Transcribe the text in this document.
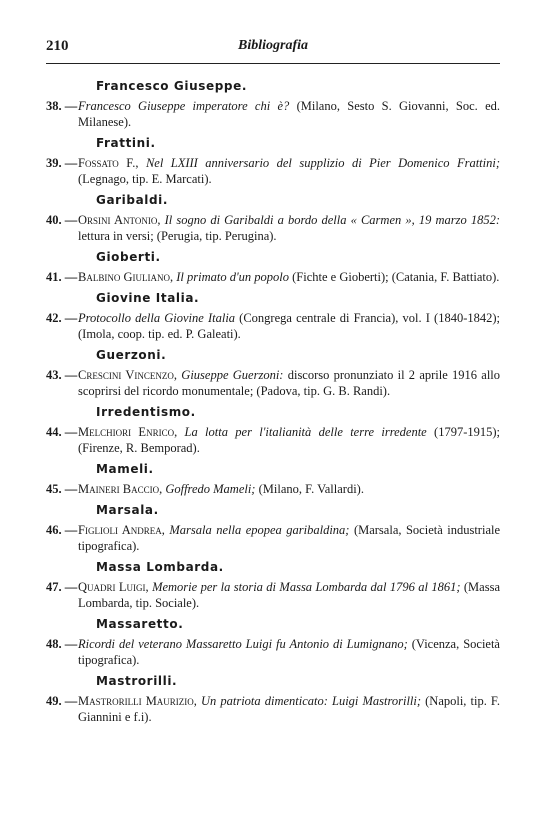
210	Bibliografia
Francesco Giuseppe.
38. — Francesco Giuseppe imperatore chi è? (Milano, Sesto S. Giovanni, Soc. ed. Milanese).
Frattini.
39. — Fossato F., Nel LXIII anniversario del supplizio di Pier Domenico Frattini; (Legnago, tip. E. Marcati).
Garibaldi.
40. — Orsini Antonio, Il sogno di Garibaldi a bordo della « Carmen », 19 marzo 1852: lettura in versi; (Perugia, tip. Perugina).
Gioberti.
41. — Balbino Giuliano, Il primato d'un popolo (Fichte e Gioberti); (Catania, F. Battiato).
Giovine Italia.
42. — Protocollo della Giovine Italia (Congrega centrale di Francia), vol. I (1840-1842); (Imola, coop. tip. ed. P. Galeati).
Guerzoni.
43. — Crescini Vincenzo, Giuseppe Guerzoni: discorso pronunziato il 2 aprile 1916 allo scoprirsi del ricordo monumentale; (Padova, tip. G. B. Randi).
Irredentismo.
44. — Melchiori Enrico, La lotta per l'italianità delle terre irredente (1797-1915); (Firenze, R. Bemporad).
Mameli.
45. — Maineri Baccio, Goffredo Mameli; (Milano, F. Vallardi).
Marsala.
46. — Figlioli Andrea, Marsala nella epopea garibaldina; (Marsala, Società industriale tipografica).
Massa Lombarda.
47. — Quadri Luigi, Memorie per la storia di Massa Lombarda dal 1796 al 1861; (Massa Lombarda, tip. Sociale).
Massaretto.
48. — Ricordi del veterano Massaretto Luigi fu Antonio di Lumignano; (Vicenza, Società tipografica).
Mastrorilli.
49. — Mastrorilli Maurizio, Un patriota dimenticato: Luigi Mastrorilli; (Napoli, tip. F. Giannini e f.i).
